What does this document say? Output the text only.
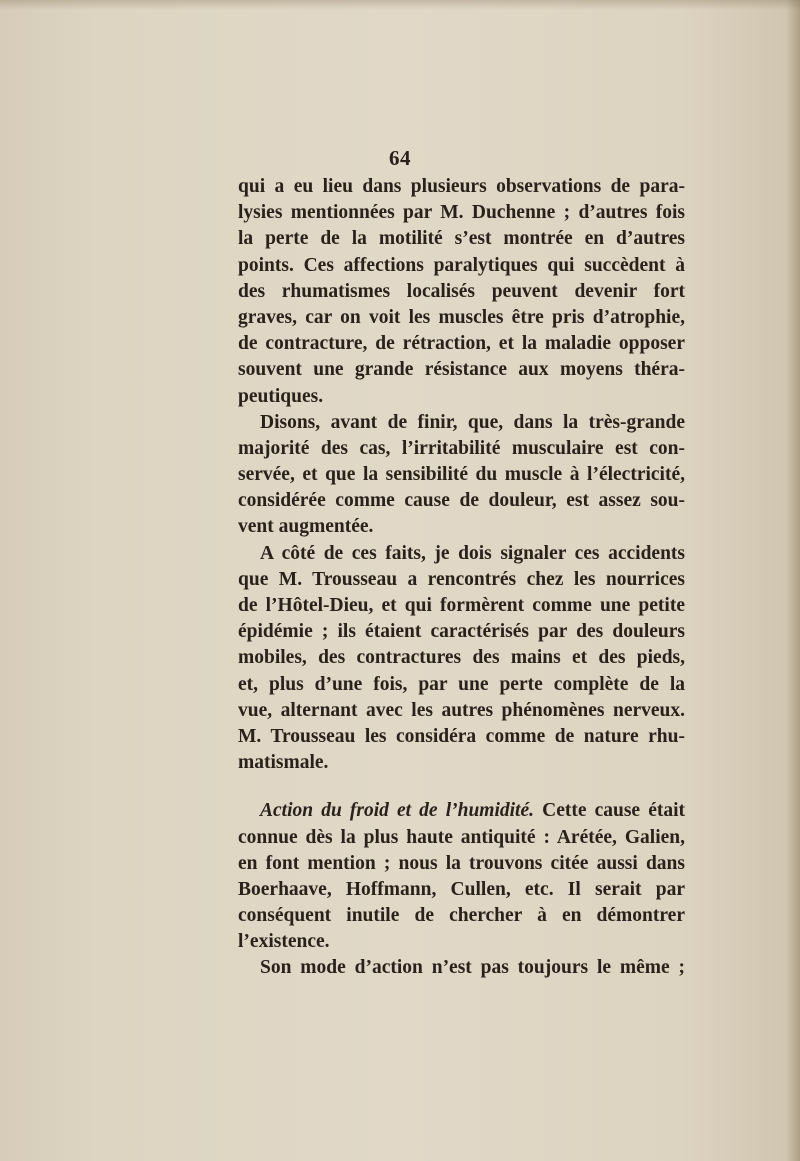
64
qui a eu lieu dans plusieurs observations de para-
lysies mentionnées par M. Duchenne ; d’autres fois
la perte de la motilité s’est montrée en d’autres
points. Ces affections paralytiques qui succèdent à
des rhumatismes localisés peuvent devenir fort
graves, car on voit les muscles être pris d’atrophie,
de contracture, de rétraction, et la maladie opposer
souvent une grande résistance aux moyens théra-
peutiques.
Disons, avant de finir, que, dans la très-grande
majorité des cas, l’irritabilité musculaire est con-
servée, et que la sensibilité du muscle à l’électricité,
considérée comme cause de douleur, est assez sou-
vent augmentée.
A côté de ces faits, je dois signaler ces accidents
que M. Trousseau a rencontrés chez les nourrices
de l’Hôtel-Dieu, et qui formèrent comme une petite
épidémie ; ils étaient caractérisés par des douleurs
mobiles, des contractures des mains et des pieds,
et, plus d’une fois, par une perte complète de la
vue, alternant avec les autres phénomènes nerveux.
M. Trousseau les considéra comme de nature rhu-
matismale.
Action du froid et de l’humidité. Cette cause était
connue dès la plus haute antiquité : Arétée, Galien,
en font mention ; nous la trouvons citée aussi dans
Boerhaave, Hoffmann, Cullen, etc. Il serait par
conséquent inutile de chercher à en démontrer
l’existence.
Son mode d’action n’est pas toujours le même ;
